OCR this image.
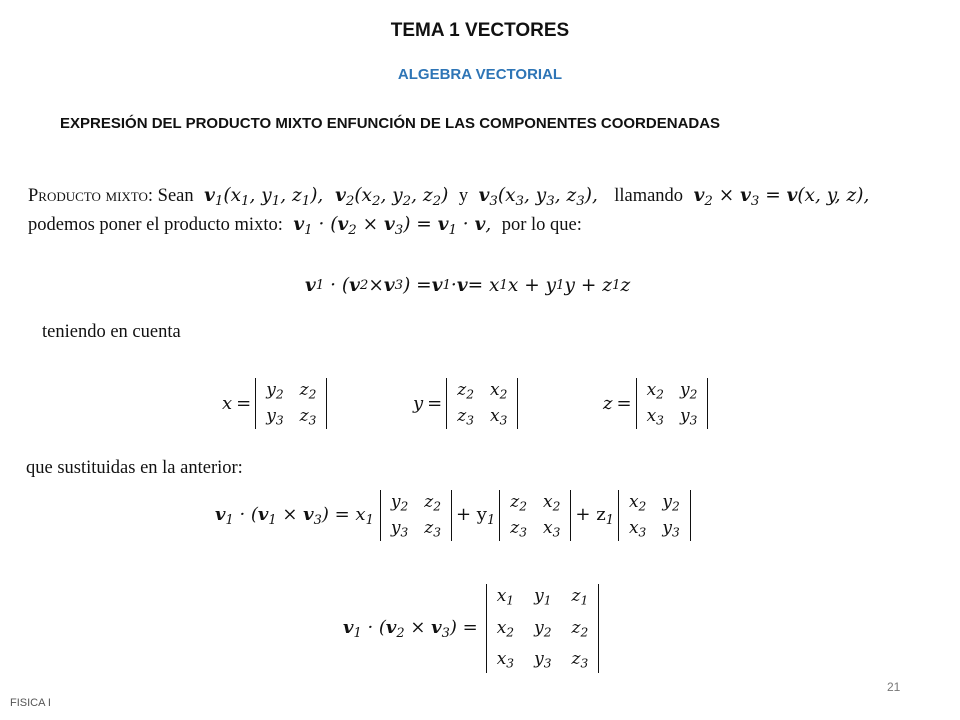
TEMA 1 VECTORES
ALGEBRA VECTORIAL
EXPRESIÓN DEL PRODUCTO MIXTO ENFUNCIÓN DE LAS COMPONENTES COORDENADAS
Producto mixto: Sean $v_1(x_1$, $y_1$, $z_1$),  $v_2(x_2$, $y_2$, $z_2$)  y $v_3(x_3$, $y_3$, $z_3$),   llamando $v_2 \times v_3 = v(x$, y, z),
podemos poner el producto mixto: $v_1 \cdot (v_2 \times v_3) = v_1 \cdot v$,  por lo que:
v 1 · ( v 2 × v 3 ) = v 1 · v = x 1 x + y 1 y + z 1 z
teniendo en cuenta
x =
$y_2$ $z_2$
$y_3$ $z_3$
y =
$z_2$ $x_2$
$z_3$ $x_3$
z =
$x_2$ $y_2$
$x_3$ $y_3$
que sustituidas en la anterior:
$v_1 \cdot (v_1 \times v_3) = x_1$
$y_2$ $z_2$
$y_3$ $z_3$
+ $y_1$
$z_2$ $x_2$
$z_3$ $x_3$
+ $z_1$
$x_2$ $y_2$
$x_3$ $y_3$
$v_1 \cdot (v_2 \times v_3)$ =
$x_1$ $y_1$ $z_1$
$x_2$ $y_2$ $z_2$
$x_3$ $y_3$ $z_3$
21
FISICA I
